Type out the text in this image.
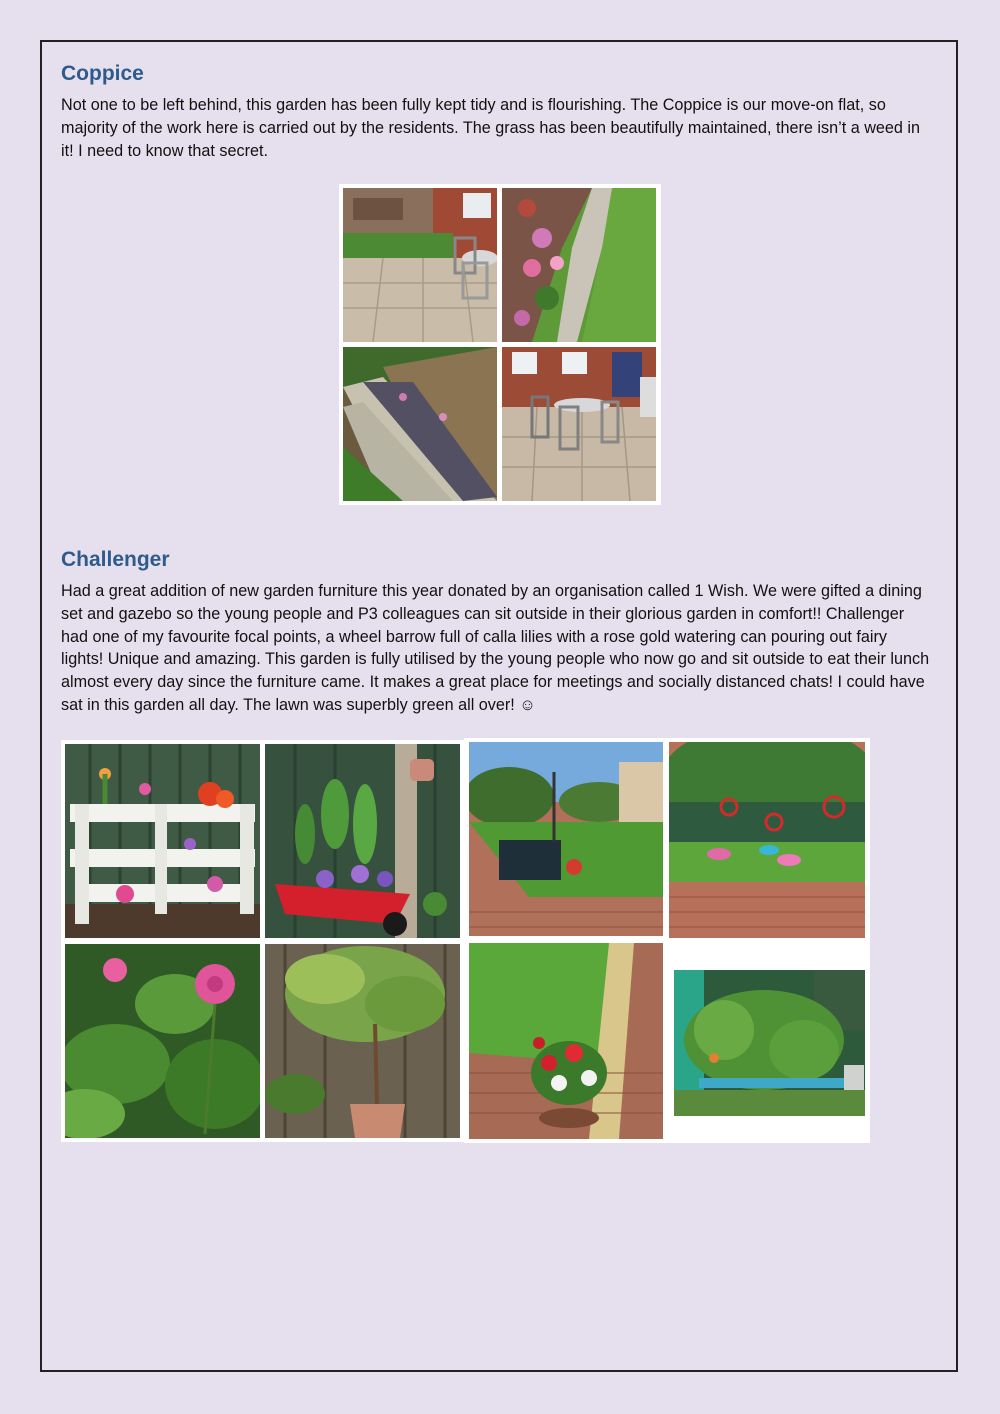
Coppice

Not one to be left behind, this garden has been fully kept tidy and is flourishing. The Coppice is our move-on flat, so majority of the work here is carried out by the residents. The grass has been beautifully maintained, there isn’t a weed in it! I need to know that secret.

Challenger

Had a great addition of new garden furniture this year donated by an organisation called 1 Wish. We were gifted a dining set and gazebo so the young people and P3 colleagues can sit outside in their glorious garden in comfort!! Challenger had one of my favourite focal points, a wheel barrow full of calla lilies with a rose gold watering can pouring out fairy lights! Unique and amazing. This garden is fully utilised by the young people who now go and sit outside to eat their lunch almost every day since the furniture came. It makes a great place for meetings and socially distanced chats! I could have sat in this garden all day. The lawn was superbly green all over! ☺
